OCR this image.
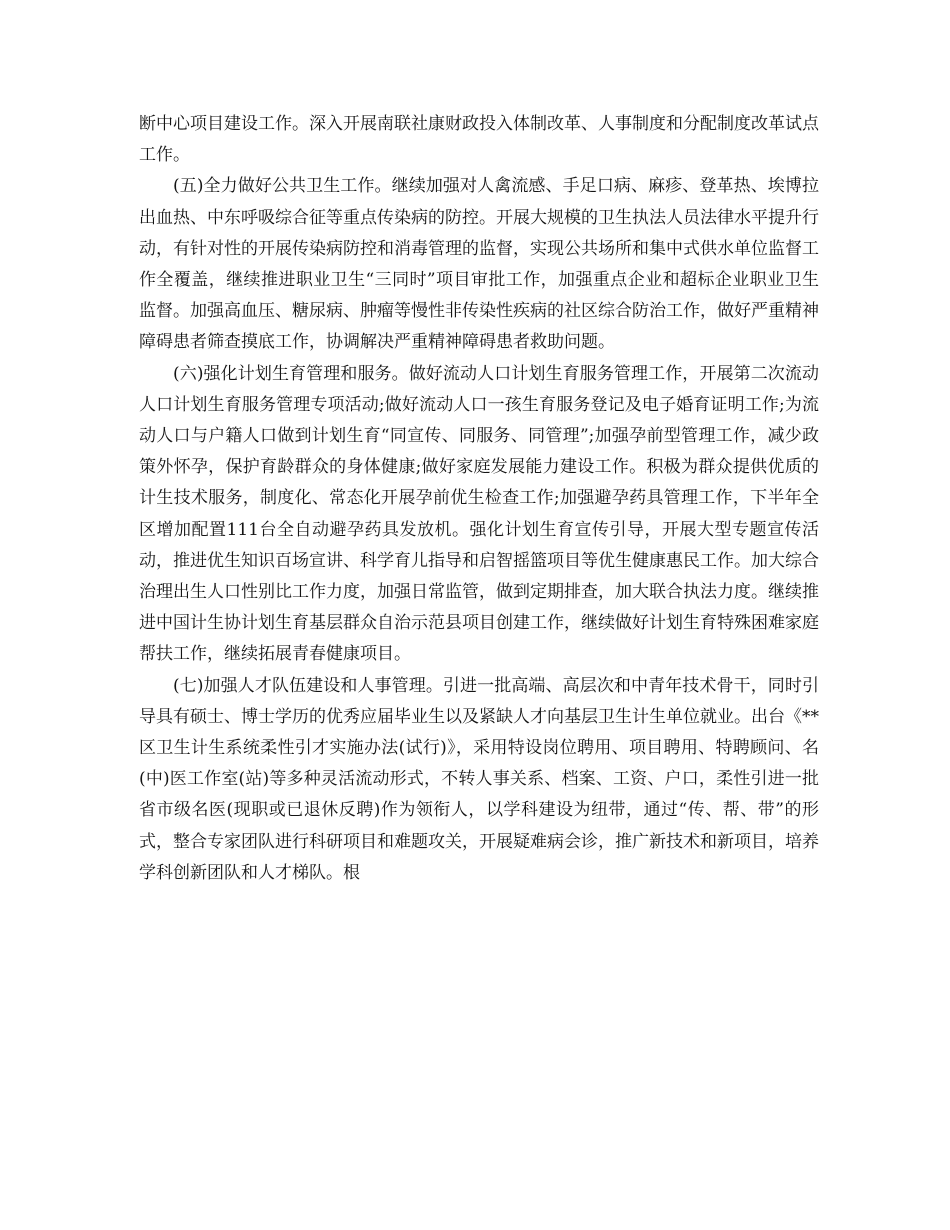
断中心项目建设工作。深入开展南联社康财政投入体制改革、人事制度和分配制度改革试点工作。

(五)全力做好公共卫生工作。继续加强对人禽流感、手足口病、麻疹、登革热、埃博拉出血热、中东呼吸综合征等重点传染病的防控。开展大规模的卫生执法人员法律水平提升行动，有针对性的开展传染病防控和消毒管理的监督，实现公共场所和集中式供水单位监督工作全覆盖，继续推进职业卫生“三同时”项目审批工作，加强重点企业和超标企业职业卫生监督。加强高血压、糖尿病、肿瘤等慢性非传染性疾病的社区综合防治工作，做好严重精神障碍患者筛查摸底工作，协调解决严重精神障碍患者救助问题。

(六)强化计划生育管理和服务。做好流动人口计划生育服务管理工作，开展第二次流动人口计划生育服务管理专项活动;做好流动人口一孩生育服务登记及电子婚育证明工作;为流动人口与户籍人口做到计划生育“同宣传、同服务、同管理”;加强孕前型管理工作，减少政策外怀孕，保护育龄群众的身体健康;做好家庭发展能力建设工作。积极为群众提供优质的计生技术服务，制度化、常态化开展孕前优生检查工作;加强避孕药具管理工作，下半年全区增加配置111台全自动避孕药具发放机。强化计划生育宣传引导，开展大型专题宣传活动，推进优生知识百场宣讲、科学育儿指导和启智摇篮项目等优生健康惠民工作。加大综合治理出生人口性别比工作力度，加强日常监管，做到定期排查，加大联合执法力度。继续推进中国计生协计划生育基层群众自治示范县项目创建工作，继续做好计划生育特殊困难家庭帮扶工作，继续拓展青春健康项目。

(七)加强人才队伍建设和人事管理。引进一批高端、高层次和中青年技术骨干，同时引导具有硕士、博士学历的优秀应届毕业生以及紧缺人才向基层卫生计生单位就业。出台《**区卫生计生系统柔性引才实施办法(试行)》，采用特设岗位聘用、项目聘用、特聘顾问、名(中)医工作室(站)等多种灵活流动形式，不转人事关系、档案、工资、户口，柔性引进一批省市级名医(现职或已退休反聘)作为领衔人，以学科建设为纽带，通过“传、帮、带”的形式，整合专家团队进行科研项目和难题攻关，开展疑难病会诊，推广新技术和新项目，培养学科创新团队和人才梯队。根
